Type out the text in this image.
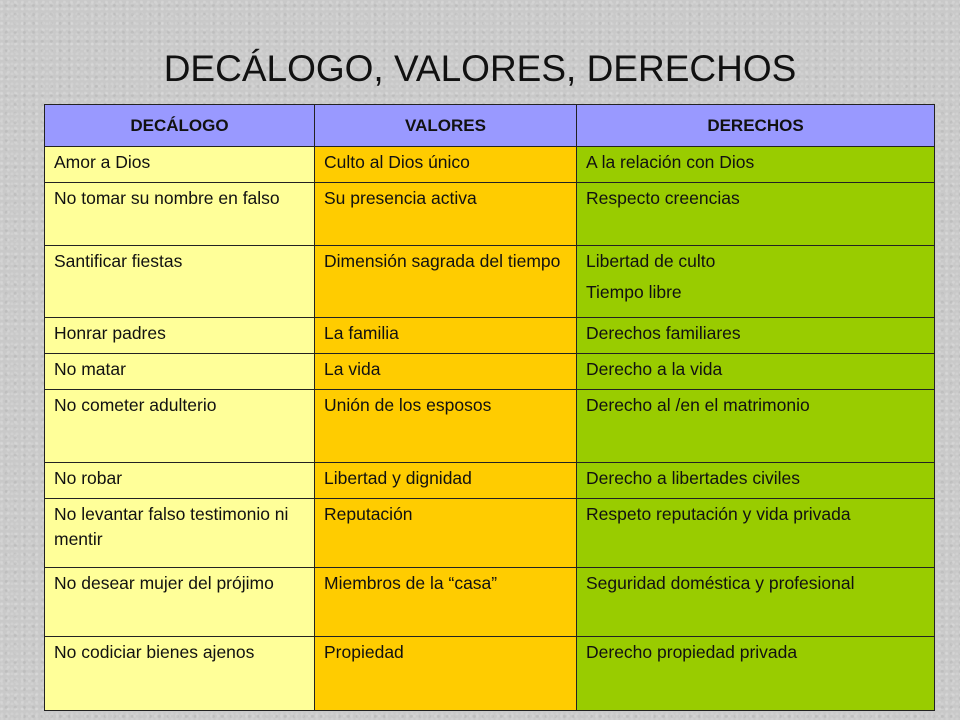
DECÁLOGO, VALORES, DERECHOS
DECÁLOGO	VALORES	DERECHOS
Amor a Dios	Culto al Dios único	A la relación con Dios

No tomar su nombre en falso	Su presencia activa	Respecto creencias

Santificar fiestas	Dimensión sagrada del tiempo	Libertad de culto
Tiempo libre

Honrar padres	La familia	Derechos familiares

No matar	La vida	Derecho a la vida

No cometer adulterio	Unión de los esposos	Derecho al /en el matrimonio

No robar	Libertad y dignidad	Derecho a libertades civiles

No levantar falso testimonio ni mentir	Reputación	Respeto reputación y vida privada

No desear mujer del prójimo	Miembros de la “casa”	Seguridad doméstica y profesional

No codiciar bienes ajenos	Propiedad	Derecho propiedad privada
